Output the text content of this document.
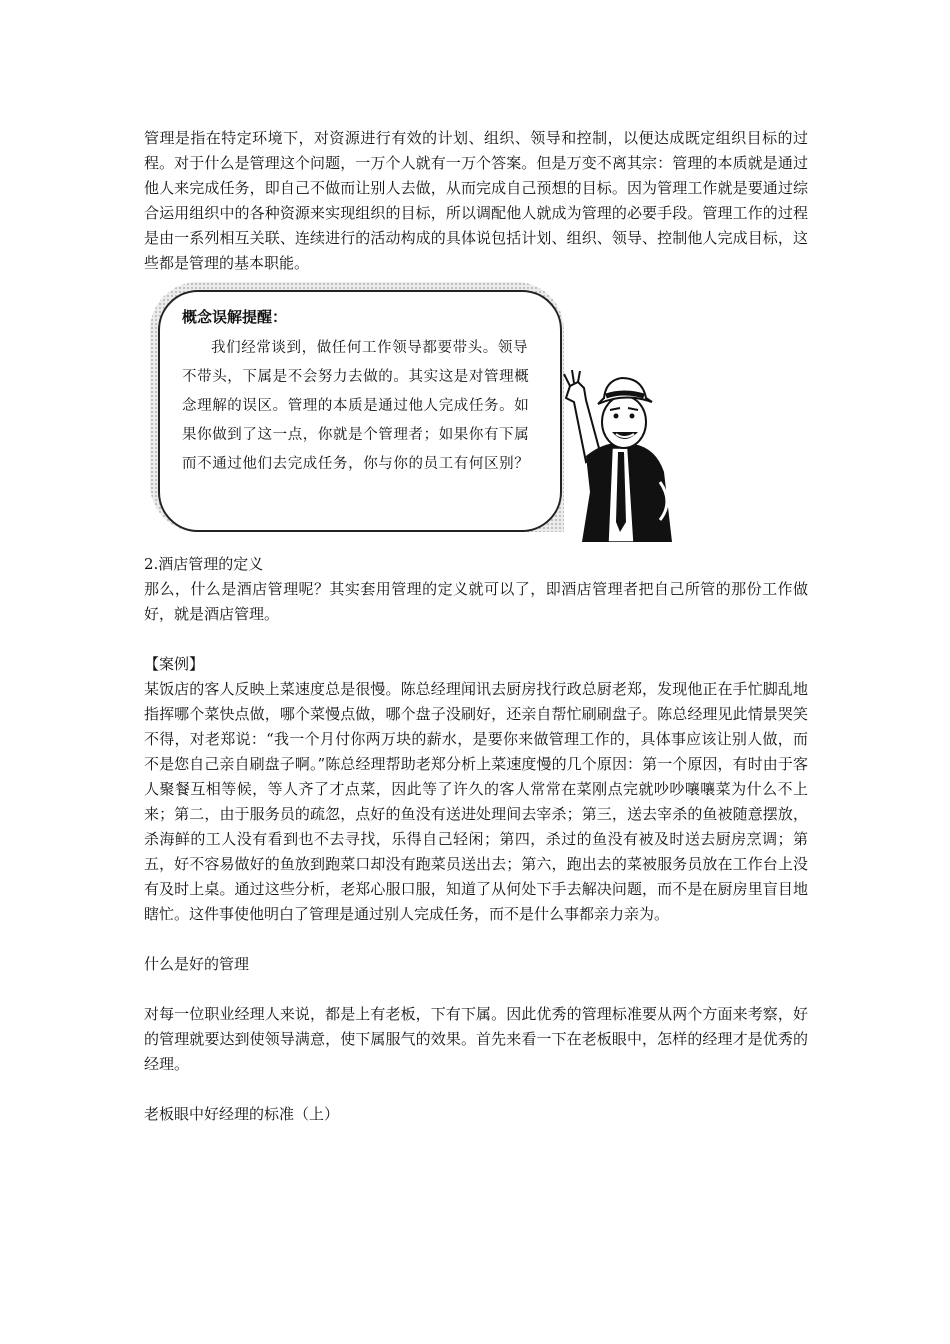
管理是指在特定环境下，对资源进行有效的计划、组织、领导和控制，以便达成既定组织目标的过程。对于什么是管理这个问题，一万个人就有一万个答案。但是万变不离其宗：管理的本质就是通过他人来完成任务，即自己不做而让别人去做，从而完成自己预想的目标。因为管理工作就是要通过综合运用组织中的各种资源来实现组织的目标，所以调配他人就成为管理的必要手段。管理工作的过程是由一系列相互关联、连续进行的活动构成的具体说包括计划、组织、领导、控制他人完成目标，这些都是管理的基本职能。

概念误解提醒：
我们经常谈到，做任何工作领导都要带头。领导不带头，下属是不会努力去做的。其实这是对管理概念理解的误区。管理的本质是通过他人完成任务。如果你做到了这一点，你就是个管理者；如果你有下属而不通过他们去完成任务，你与你的员工有何区别？

2.酒店管理的定义

那么，什么是酒店管理呢？其实套用管理的定义就可以了，即酒店管理者把自己所管的那份工作做好，就是酒店管理。

【案例】

某饭店的客人反映上菜速度总是很慢。陈总经理闻讯去厨房找行政总厨老郑，发现他正在手忙脚乱地指挥哪个菜快点做，哪个菜慢点做，哪个盘子没刷好，还亲自帮忙刷刷盘子。陈总经理见此情景哭笑不得，对老郑说：“我一个月付你两万块的薪水，是要你来做管理工作的，具体事应该让别人做，而不是您自己亲自刷盘子啊。”陈总经理帮助老郑分析上菜速度慢的几个原因：第一个原因，有时由于客人聚餐互相等候，等人齐了才点菜，因此等了许久的客人常常在菜刚点完就吵吵嚷嚷菜为什么不上来；第二，由于服务员的疏忽，点好的鱼没有送进处理间去宰杀；第三，送去宰杀的鱼被随意摆放，杀海鲜的工人没有看到也不去寻找，乐得自己轻闲；第四，杀过的鱼没有被及时送去厨房烹调；第五，好不容易做好的鱼放到跑菜口却没有跑菜员送出去；第六，跑出去的菜被服务员放在工作台上没有及时上桌。通过这些分析，老郑心服口服，知道了从何处下手去解决问题，而不是在厨房里盲目地瞎忙。这件事使他明白了管理是通过别人完成任务，而不是什么事都亲力亲为。

什么是好的管理

对每一位职业经理人来说，都是上有老板，下有下属。因此优秀的管理标准要从两个方面来考察，好的管理就要达到使领导满意，使下属服气的效果。首先来看一下在老板眼中，怎样的经理才是优秀的经理。

老板眼中好经理的标准（上）
